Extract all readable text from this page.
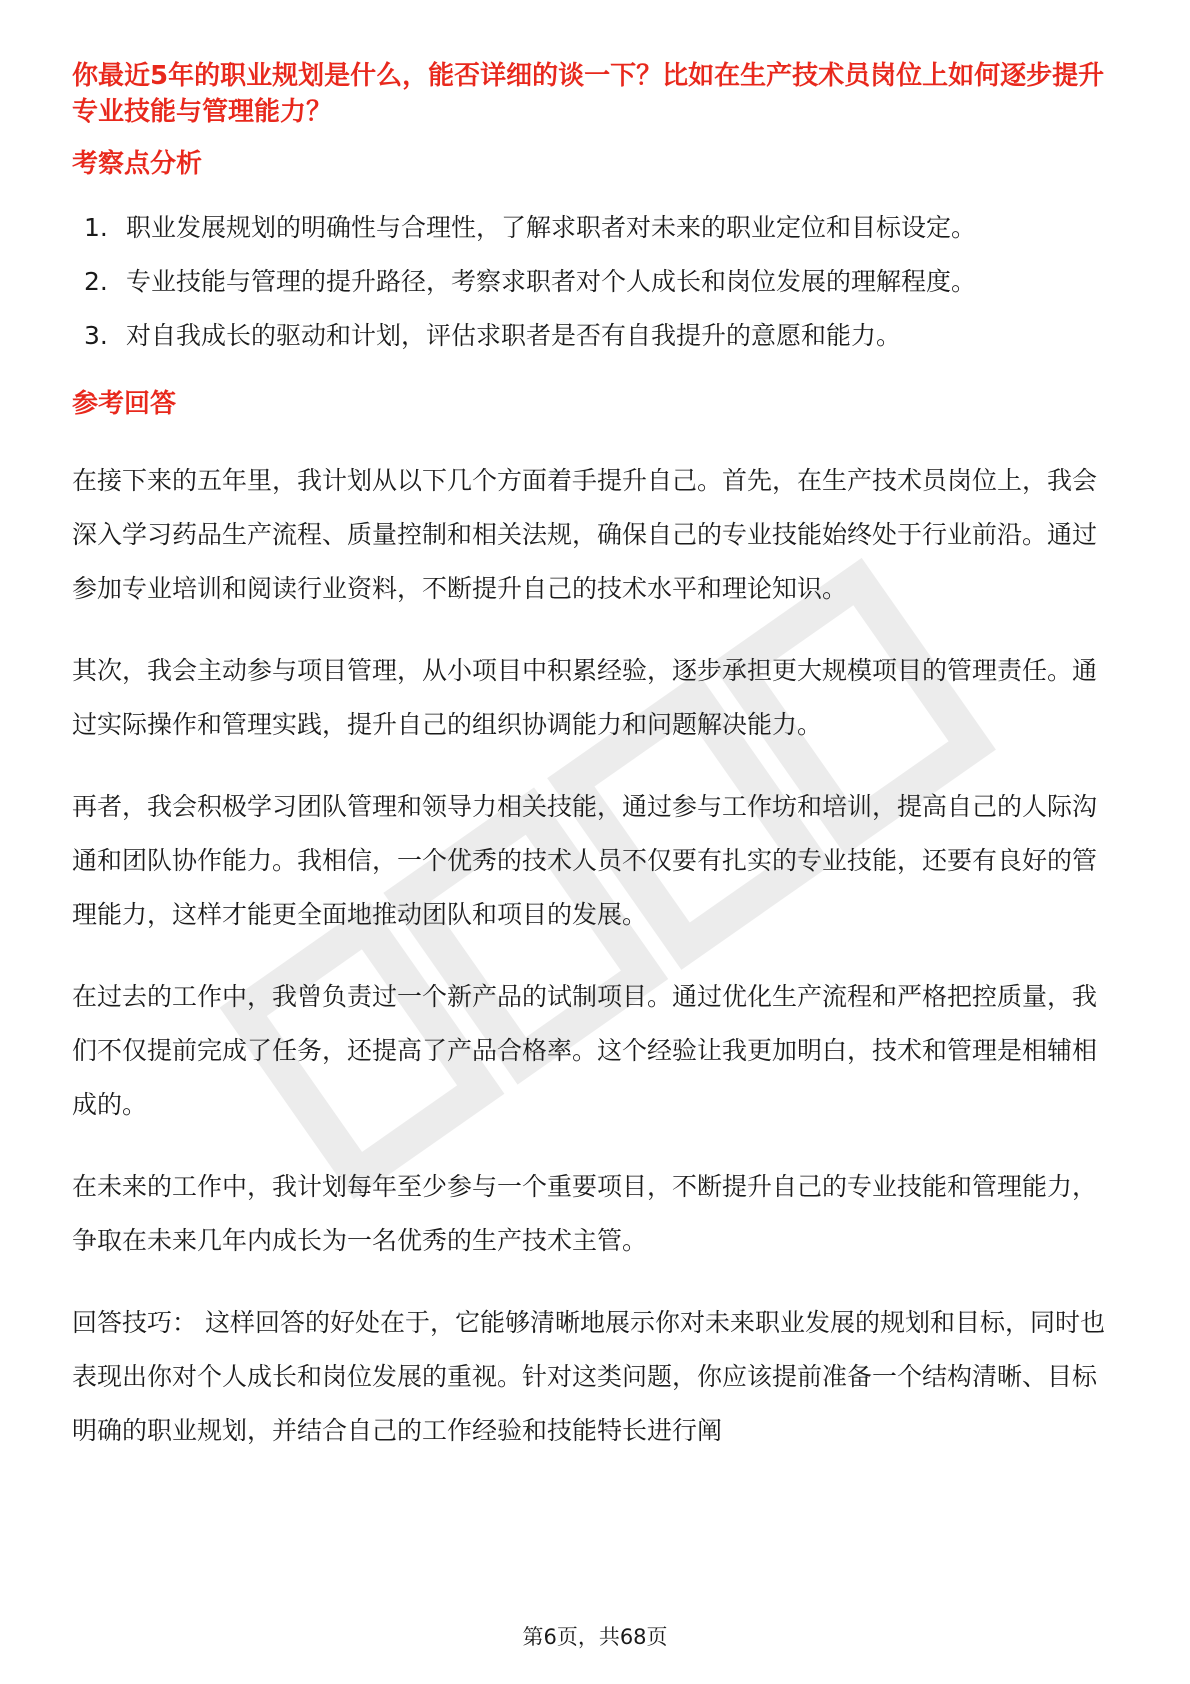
你最近5年的职业规划是什么，能否详细的谈一下？比如在生产技术员岗位上如何逐步提升专业技能与管理能力？

考察点分析

1. 职业发展规划的明确性与合理性，了解求职者对未来的职业定位和目标设定。
2. 专业技能与管理的提升路径，考察求职者对个人成长和岗位发展的理解程度。
3. 对自我成长的驱动和计划，评估求职者是否有自我提升的意愿和能力。

参考回答

在接下来的五年里，我计划从以下几个方面着手提升自己。首先，在生产技术员岗位上，我会深入学习药品生产流程、质量控制和相关法规，确保自己的专业技能始终处于行业前沿。通过参加专业培训和阅读行业资料，不断提升自己的技术水平和理论知识。

其次，我会主动参与项目管理，从小项目中积累经验，逐步承担更大规模项目的管理责任。通过实际操作和管理实践，提升自己的组织协调能力和问题解决能力。

再者，我会积极学习团队管理和领导力相关技能，通过参与工作坊和培训，提高自己的人际沟通和团队协作能力。我相信，一个优秀的技术人员不仅要有扎实的专业技能，还要有良好的管理能力，这样才能更全面地推动团队和项目的发展。

在过去的工作中，我曾负责过一个新产品的试制项目。通过优化生产流程和严格把控质量，我们不仅提前完成了任务，还提高了产品合格率。这个经验让我更加明白，技术和管理是相辅相成的。

在未来的工作中，我计划每年至少参与一个重要项目，不断提升自己的专业技能和管理能力，争取在未来几年内成长为一名优秀的生产技术主管。

回答技巧： 这样回答的好处在于，它能够清晰地展示你对未来职业发展的规划和目标，同时也表现出你对个人成长和岗位发展的重视。针对这类问题，你应该提前准备一个结构清晰、目标明确的职业规划，并结合自己的工作经验和技能特长进行阐

第6页，共68页
